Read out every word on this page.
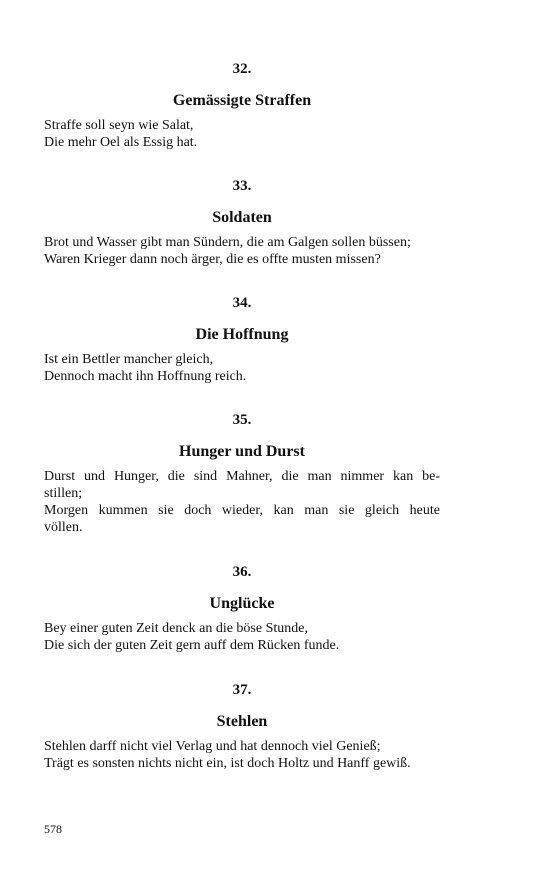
32.
Gemässigte Straffen
Straffe soll seyn wie Salat,
Die mehr Oel als Essig hat.
33.
Soldaten
Brot und Wasser gibt man Sündern, die am Galgen sollen büssen;
Waren Krieger dann noch ärger, die es offte musten missen?
34.
Die Hoffnung
Ist ein Bettler mancher gleich,
Dennoch macht ihn Hoffnung reich.
35.
Hunger und Durst
Durst und Hunger, die sind Mahner, die man nimmer kan be-
stillen;
Morgen kummen sie doch wieder, kan man sie gleich heute
völlen.
36.
Unglücke
Bey einer guten Zeit denck an die böse Stunde,
Die sich der guten Zeit gern auff dem Rücken funde.
37.
Stehlen
Stehlen darff nicht viel Verlag und hat dennoch viel Genieß;
Trägt es sonsten nichts nicht ein, ist doch Holtz und Hanff gewiß.
578
